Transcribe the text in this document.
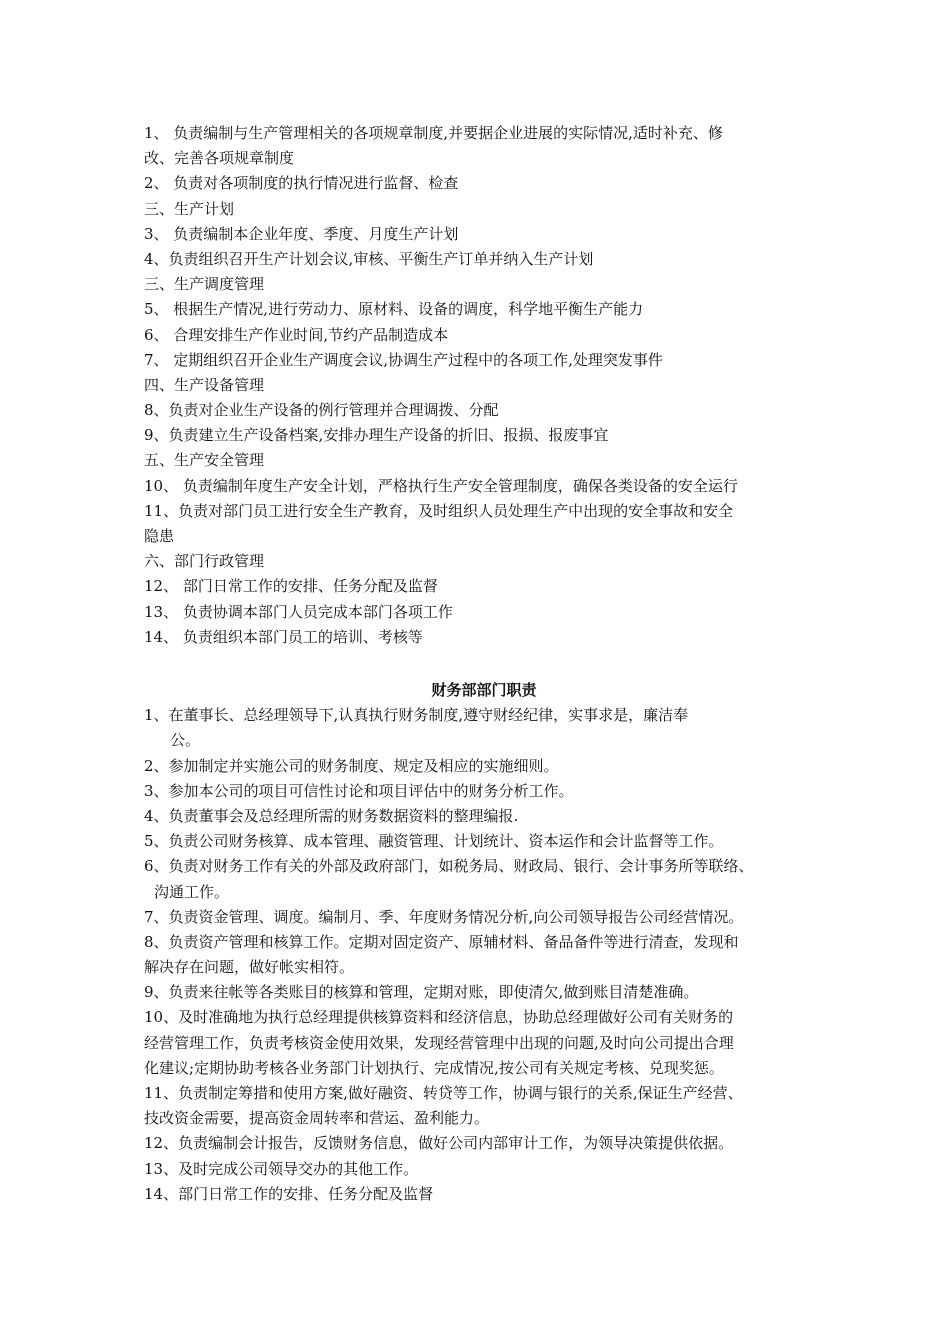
1、 负责编制与生产管理相关的各项规章制度,并要据企业进展的实际情况,适时补充、修
改、完善各项规章制度
2、 负责对各项制度的执行情况进行监督、检查
三、生产计划
3、 负责编制本企业年度、季度、月度生产计划
4、负责组织召开生产计划会议,审核、平衡生产订单并纳入生产计划
三、生产调度管理
5、 根据生产情况,进行劳动力、原材料、设备的调度，科学地平衡生产能力
6、 合理安排生产作业时间,节约产品制造成本
7、 定期组织召开企业生产调度会议,协调生产过程中的各项工作,处理突发事件
四、生产设备管理
8、负责对企业生产设备的例行管理并合理调拨、分配
9、负责建立生产设备档案,安排办理生产设备的折旧、报损、报废事宜
五、生产安全管理
10、 负责编制年度生产安全计划，严格执行生产安全管理制度，确保各类设备的安全运行
11、负责对部门员工进行安全生产教育，及时组织人员处理生产中出现的安全事故和安全
隐患
六、部门行政管理
12、 部门日常工作的安排、任务分配及监督
13、 负责协调本部门人员完成本部门各项工作
14、 负责组织本部门员工的培训、考核等
财务部部门职责
1、在董事长、总经理领导下,认真执行财务制度,遵守财经纪律，实事求是，廉洁奉
公。
2、参加制定并实施公司的财务制度、规定及相应的实施细则。
3、参加本公司的项目可信性讨论和项目评估中的财务分析工作。
4、负责董事会及总经理所需的财务数据资料的整理编报.
5、负责公司财务核算、成本管理、融资管理、计划统计、资本运作和会计监督等工作。
6、负责对财务工作有关的外部及政府部门，如税务局、财政局、银行、会计事务所等联络、
沟通工作。
7、负责资金管理、调度。编制月、季、年度财务情况分析,向公司领导报告公司经营情况。
8、负责资产管理和核算工作。定期对固定资产、原辅材料、备品备件等进行清查，发现和
解决存在问题，做好帐实相符。
9、负责来往帐等各类账目的核算和管理，定期对账，即使清欠,做到账目清楚准确。
10、及时准确地为执行总经理提供核算资料和经济信息，协助总经理做好公司有关财务的
经营管理工作，负责考核资金使用效果，发现经营管理中出现的问题,及时向公司提出合理
化建议;定期协助考核各业务部门计划执行、完成情况,按公司有关规定考核、兑现奖惩。
11、负责制定筹措和使用方案,做好融资、转贷等工作，协调与银行的关系,保证生产经营、
技改资金需要，提高资金周转率和营运、盈利能力。
12、负责编制会计报告，反馈财务信息，做好公司内部审计工作，为领导决策提供依据。
13、及时完成公司领导交办的其他工作。
14、部门日常工作的安排、任务分配及监督
